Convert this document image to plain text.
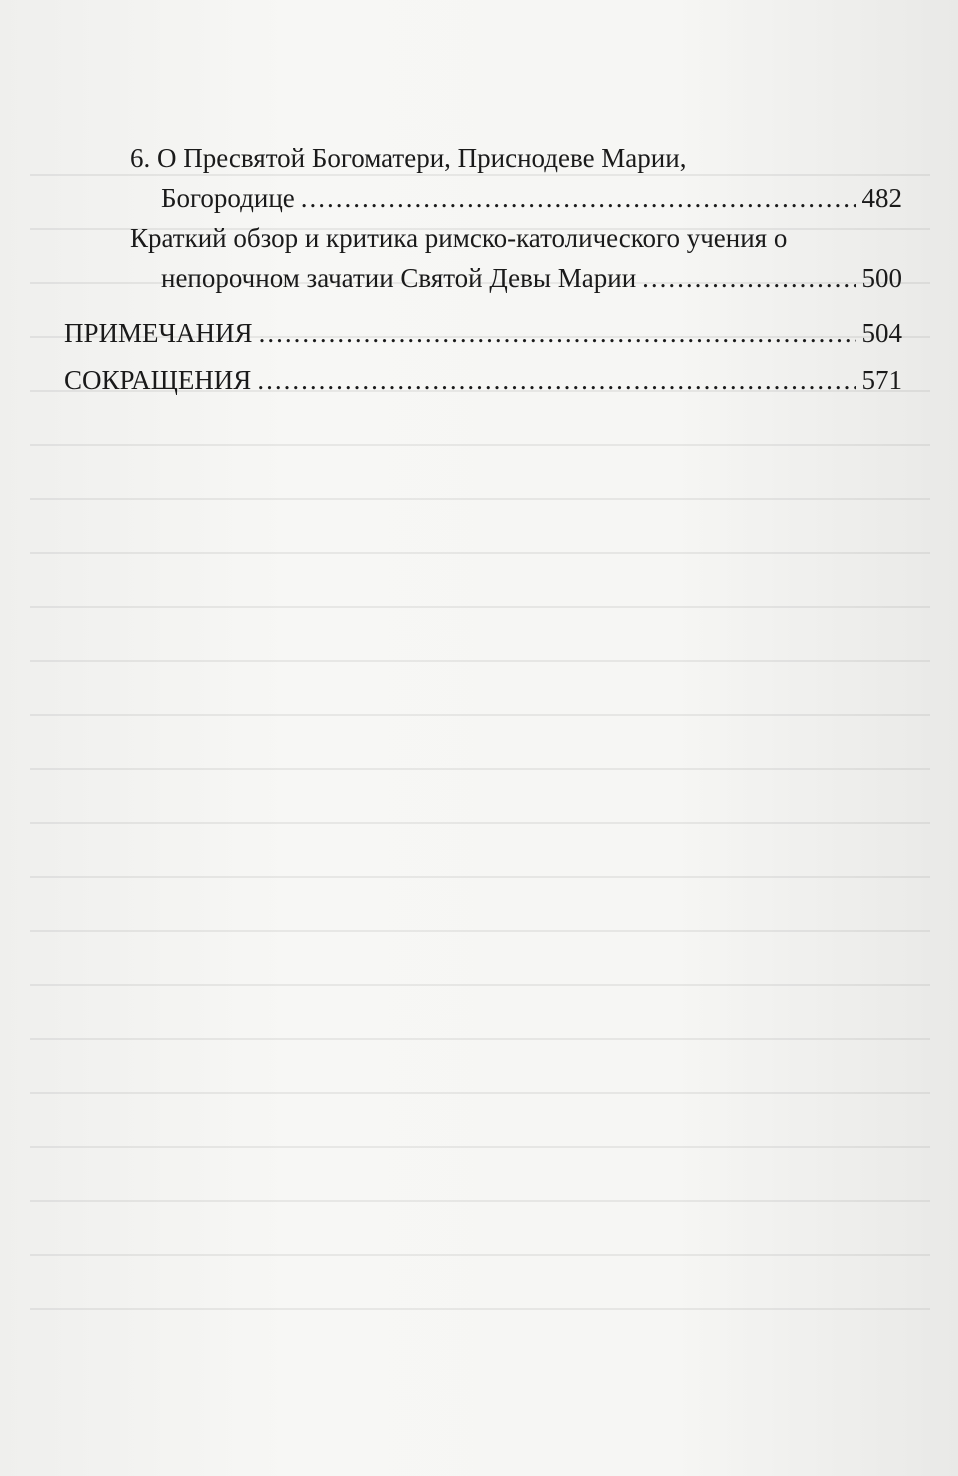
6. О Пресвятой Богоматери, Приснодеве Марии,
Богородице .....	482
Краткий обзор и критика римско-католического учения о
непорочном зачатии Святой Девы Марии .....	500
ПРИМЕЧАНИЯ .....	504
СОКРАЩЕНИЯ .....	571
